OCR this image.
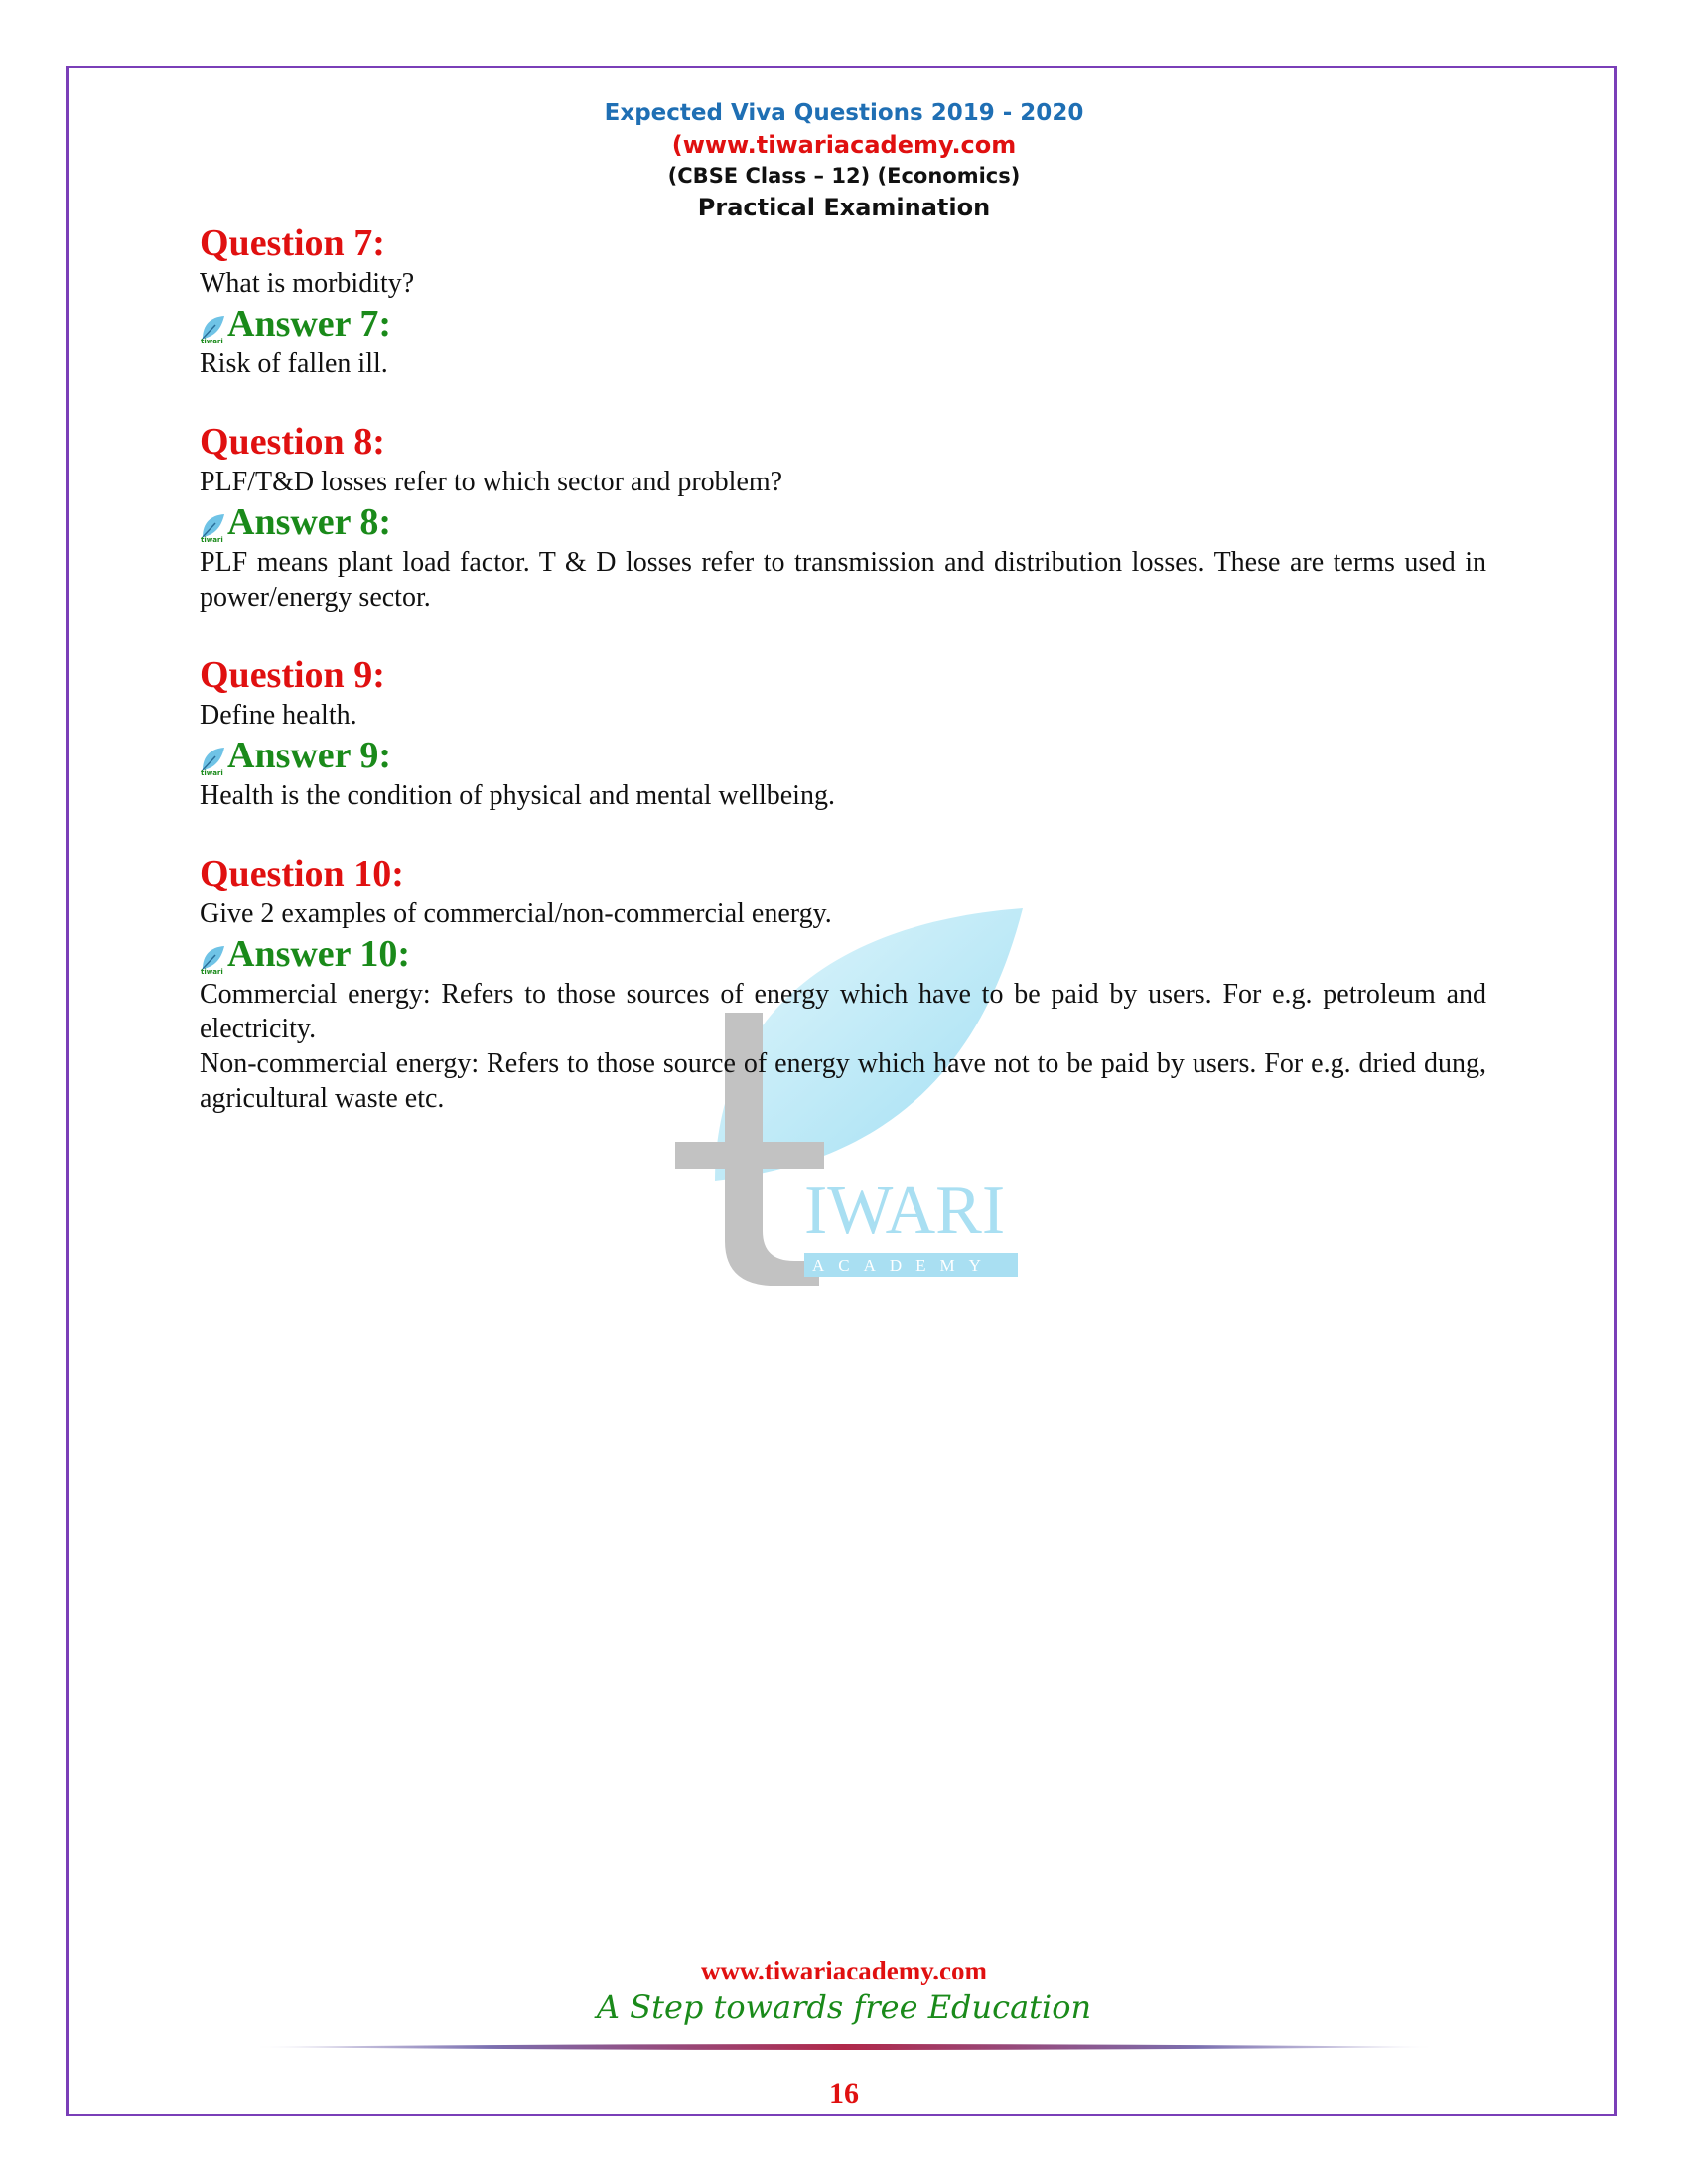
Expected Viva Questions 2019 - 2020
(www.tiwariacademy.com
(CBSE Class – 12) (Economics)
Practical Examination
IWARI
ACADEMY
Question 7:
What is morbidity?
tiwari Answer 7:
Risk of fallen ill.
Question 8:
PLF/T&D losses refer to which sector and problem?
tiwari Answer 8:
PLF means plant load factor. T & D losses refer to transmission and distribution losses. These are terms used in power/energy sector.
Question 9:
Define health.
tiwari Answer 9:
Health is the condition of physical and mental wellbeing.
Question 10:
Give 2 examples of commercial/non-commercial energy.
tiwari Answer 10:
Commercial energy: Refers to those sources of energy which have to be paid by users. For e.g. petroleum and electricity.
Non-commercial energy: Refers to those source of energy which have not to be paid by users. For e.g. dried dung, agricultural waste etc.
www.tiwariacademy.com
A Step towards free Education
16
